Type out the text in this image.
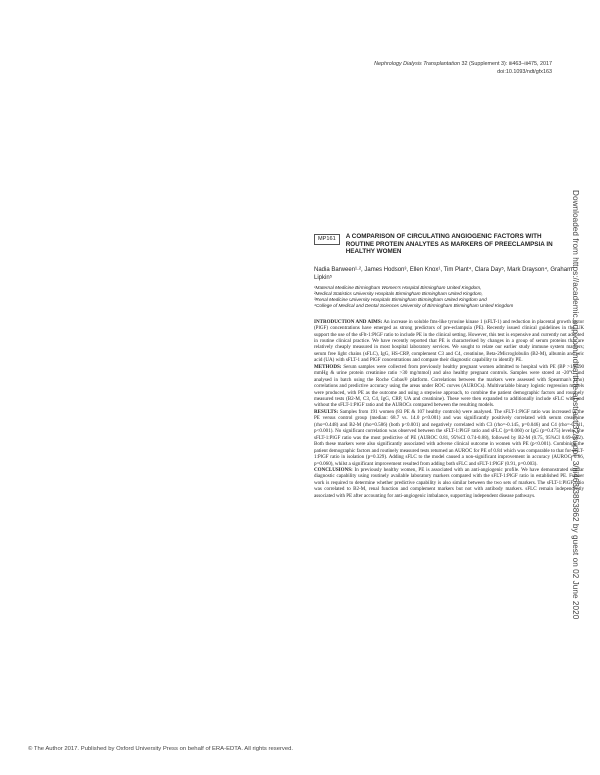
Nephrology Dialysis Transplantation 32 (Supplement 3): iii463–iii475, 2017
doi:10.1093/ndt/gfx163
Downloaded from https://academic.oup.com/ndt/article-abstract/32/suppl_3/iii463/3853862 by guest on 02 June 2020
MP161	A COMPARISON OF CIRCULATING ANGIOGENIC FACTORS WITH ROUTINE PROTEIN ANALYTES AS MARKERS OF PREECLAMPSIA IN HEALTHY WOMEN
Nadia Barween¹·², James Hodson³, Ellen Knox¹, Tim Plant⁴, Clara Day⁵, Mark Drayson⁴, Graham Lipkin⁵
¹Maternal Medicine Birmingham Women's Hospital Birmingham United Kingdom,
²Medical Statistics University Hospitals Birmingham Birmingham United Kingdom,
³Renal Medicine University Hospitals Birmingham Birmingham United Kingdom and
⁴College of Medical and Dental Sciences University of Birmingham Birmingham United Kingdom

INTRODUCTION AND AIMS: An increase in soluble fms-like tyrosine kinase 1 (sFLT-1) and reduction in placental growth factor (PlGF) concentrations have emerged as strong predictors of pre-eclampsia (PE). Recently issued clinical guidelines in the UK support the use of the sFlt-1:PlGF ratio to include PE in the clinical setting. However, this test is expensive and currently not adopted in routine clinical practice. We have recently reported that PE is characterised by changes in a group of serum proteins that are relatively cheaply measured in most hospital laboratory services. We sought to relate our earlier study immune system markers; serum free light chains (sFLC), IgG, HS-CRP, complement C3 and C4, creatinine, Beta-2Microglobulin (B2-M), albumin and uric acid (UA) with sFLT-1 and PlGF concentrations and compare their diagnostic capability to identify PE.

METHODS: Serum samples were collected from previously healthy pregnant women admitted to hospital with PE (BP >140/90 mmHg & urine protein creatinine ratio >30 mg/mmol) and also healthy pregnant controls. Samples were stored at -20°C and analysed in batch using the Roche Cobas® platform. Correlations between the markers were assessed with Spearman's (rho) correlations and predictive accuracy using the areas under ROC curves (AUROCs). Multivariable binary logistic regression models were produced, with PE as the outcome and using a stepwise approach, to combine the patient demographic factors and routinely measured tests (B2-M, C3, C4, IgG, CRP, UA and creatinine). These were then expanded to additionally include sFLC with and without the sFLT-1:PlGF ratio and the AUROCs compared between the resulting models.

RESULTS: Samples from 191 women (83 PE & 107 healthy controls) were analysed. The sFLT-1:PlGF ratio was increased in the PE versus control group (median: 68.7 vs. 14.0 p<0.001) and was significantly positively correlated with serum creatinine (rho=0.448) and B2-M (rho=0.586) (both p<0.001) and negatively correlated with C3 (rho=-0.145, p=0.046) and C4 (rho=-0.311, p<0.001). No significant correlation was observed between the sFLT-1:PlGF ratio and sFLC (p=0.060) or IgG (p=0.475) levels. The sFLT-1:PlGF ratio was the most predictive of PE (AUROC 0.81, 95%CI 0.74-0.88), followed by B2-M (0.75, 95%CI 0.69-0.82). Both these markers were also significantly associated with adverse clinical outcome in women with PE (p<0.001). Combining the patient demographic factors and routinely measured tests returned an AUROC for PE of 0.84 which was comparable to that for sFLT-1:PlGF ratio in isolation (p=0.329). Adding sFLC to the model caused a non-significant improvement in accuracy (AUROC=0.86, p=0.060), whilst a significant improvement resulted from adding both sFLC and sFLT-1:PlGF (0.91, p=0.003).

CONCLUSIONS: In previously healthy women, PE is associated with an anti-angiogenic profile. We have demonstrated similar diagnostic capability using routinely available laboratory markers compared with the sFLT-1:PlGF ratio in established PE. Further work is required to determine whether predictive capability is also similar between the two sets of markers. The sFLT-1:PlGF ratio was correlated to B2-M, renal function and complement markers but not with antibody markers. sFLC remain independently associated with PE after accounting for anti-angiogenic imbalance, supporting independent disease pathways.

© The Author 2017. Published by Oxford University Press on behalf of ERA-EDTA. All rights reserved.
